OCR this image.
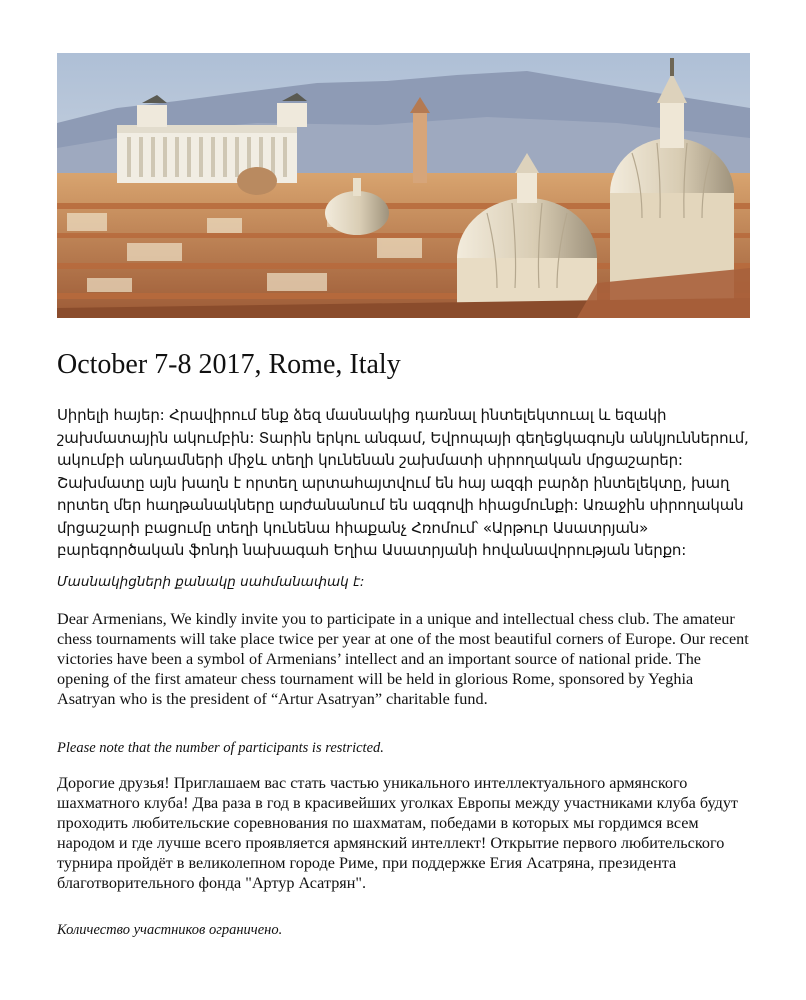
October 7-8 2017, Rome, Italy

Սիրելի հայեր: Հրավիրում ենք ձեզ մասնակից դառնալ ինտելեկտուալ և եզակի շախմատային ակումբին: Տարին երկու անգամ, Եվրոպայի գեղեցկագույն անկյուններում, ակումբի անդամների միջև տեղի կունենան շախմատի սիրողական մրցաշարեր: Շախմատը այն խաղն է որտեղ արտահայտվում են հայ ազգի բարձր ինտելեկտը, խաղ որտեղ մեր հաղթանակները արժանանում են ազգովի հիացմունքի: Առաջին սիրողական մրցաշարի բացումը տեղի կունենա հիաքանչ Հռոմում՝ «Արթուր Ասատրյան» բարեգործական ֆոնդի նախագահ Եղիա Ասատրյանի հովանավորության ներքո:

Մասնակիցների քանակը սահմանափակ է:

Dear Armenians, We kindly invite you to participate in a unique and intellectual chess club. The amateur chess tournaments will take place twice per year at one of the most beautiful corners of Europe. Our recent victories have been a symbol of Armenians’ intellect and an important source of national pride. The opening of the first amateur chess tournament will be held in glorious Rome, sponsored by Yeghia Asatryan who is the president of “Artur Asatryan” charitable fund.

Please note that the number of participants is restricted.

Дорогие друзья! Приглашаем вас стать частью уникального интеллектуального армянского шахматного клуба! Два раза в год в красивейших уголках Европы между участниками клуба будут проходить любительские соревнования по шахматам, победами в которых мы гордимся всем народом и где лучше всего проявляется армянский интеллект! Открытие первого любительского турнира пройдёт в великолепном городе Риме, при поддержке Егия Асатряна, президента благотворительного фонда "Артур Асатрян".

Количество участников ограничено.
